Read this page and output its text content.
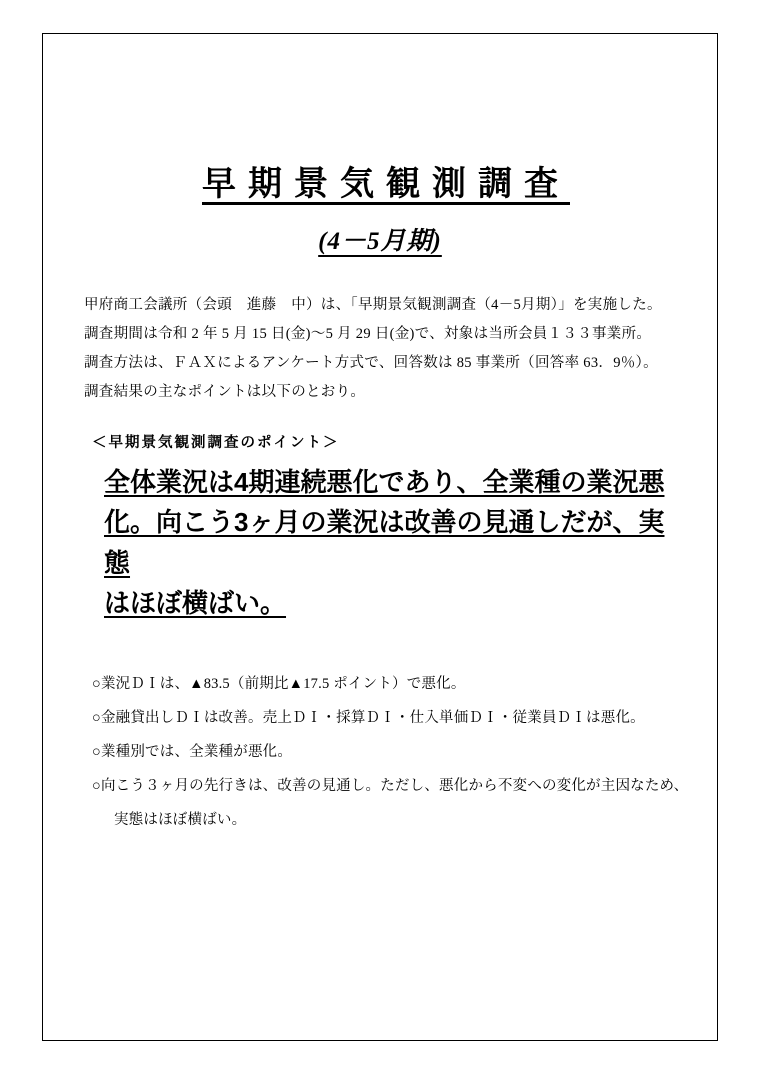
早期景気観測調査
(4－5月期)
甲府商工会議所（会頭　進藤　中）は、「早期景気観測調査（4－5月期）」を実施した。
調査期間は令和 2 年 5 月 15 日(金)〜5 月 29 日(金)で、対象は当所会員１３３事業所。
調査方法は、ＦＡＸによるアンケート方式で、回答数は 85 事業所（回答率 63．9％）。
調査結果の主なポイントは以下のとおり。
＜早期景気観測調査のポイント＞
全体業況は4期連続悪化であり、全業種の業況悪
化。向こう3ヶ月の業況は改善の見通しだが、実態
はほぼ横ばい。
○業況ＤＩは、▲83.5（前期比▲17.5 ポイント）で悪化。
○金融貸出しＤＩは改善。売上ＤＩ・採算ＤＩ・仕入単価ＤＩ・従業員ＤＩは悪化。
○業種別では、全業種が悪化。
○向こう３ヶ月の先行きは、改善の見通し。ただし、悪化から不変への変化が主因なため、
実態はほぼ横ばい。
